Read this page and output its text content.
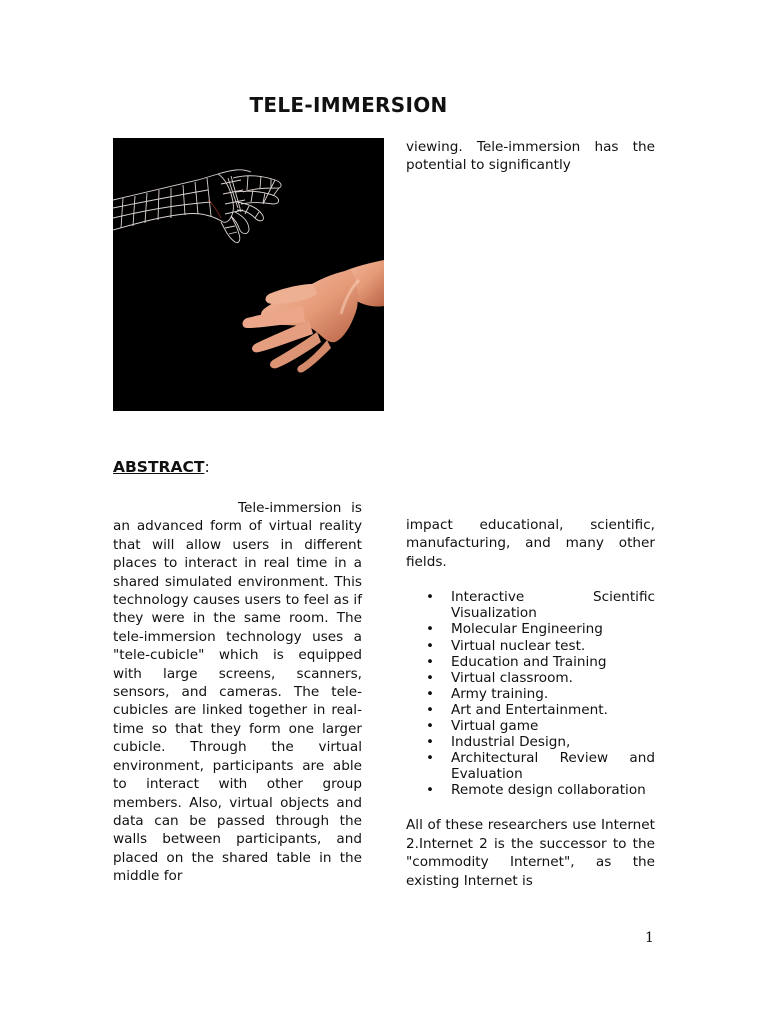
TELE-IMMERSION

viewing. Tele-immersion has the potential to significantly

ABSTRACT:

Tele-immersion is an advanced form of virtual reality that will allow users in different places to interact in real time in a shared simulated environment. This technology causes users to feel as if they were in the same room. The tele-immersion technology uses a "tele-cubicle" which is equipped with large screens, scanners, sensors, and cameras. The tele-cubicles are linked together in real-time so that they form one larger cubicle. Through the virtual environment, participants are able to interact with other group members. Also, virtual objects and data can be passed through the walls between participants, and placed on the shared table in the middle for

impact educational, scientific, manufacturing, and many other fields.

• Interactive Scientific Visualization
• Molecular Engineering
• Virtual nuclear test.
• Education and Training
• Virtual classroom.
• Army training.
• Art and Entertainment.
• Virtual game
• Industrial Design,
• Architectural Review and Evaluation
• Remote design collaboration

All of these researchers use Internet 2.Internet 2 is the successor to the "commodity Internet", as the existing Internet is

1
